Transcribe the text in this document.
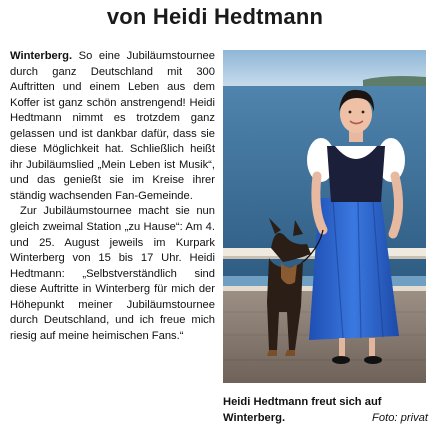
von Heidi Hedtmann

Winterberg. So eine Jubiläumstournee durch ganz Deutschland mit 300 Auftritten und einem Leben aus dem Koffer ist ganz schön anstrengend! Heidi Hedtmann nimmt es trotzdem ganz gelassen und ist dankbar dafür, dass sie diese Möglichkeit hat. Schließlich heißt ihr Jubiläumslied „Mein Leben ist Musik“, und das genießt sie im Kreise ihrer ständig wachsenden Fan-Gemeinde.

Zur Jubiläumstournee macht sie nun gleich zweimal Station „zu Hause“: Am 4. und 25. August jeweils im Kurpark Winterberg von 15 bis 17 Uhr. Heidi Hedtmann: „Selbstverständlich sind diese Auftritte in Winterberg für mich der Höhepunkt meiner Jubiläumstournee durch Deutschland, und ich freue mich riesig auf meine heimischen Fans.“

Heidi Hedtmann freut sich auf Winterberg.	Foto: privat
